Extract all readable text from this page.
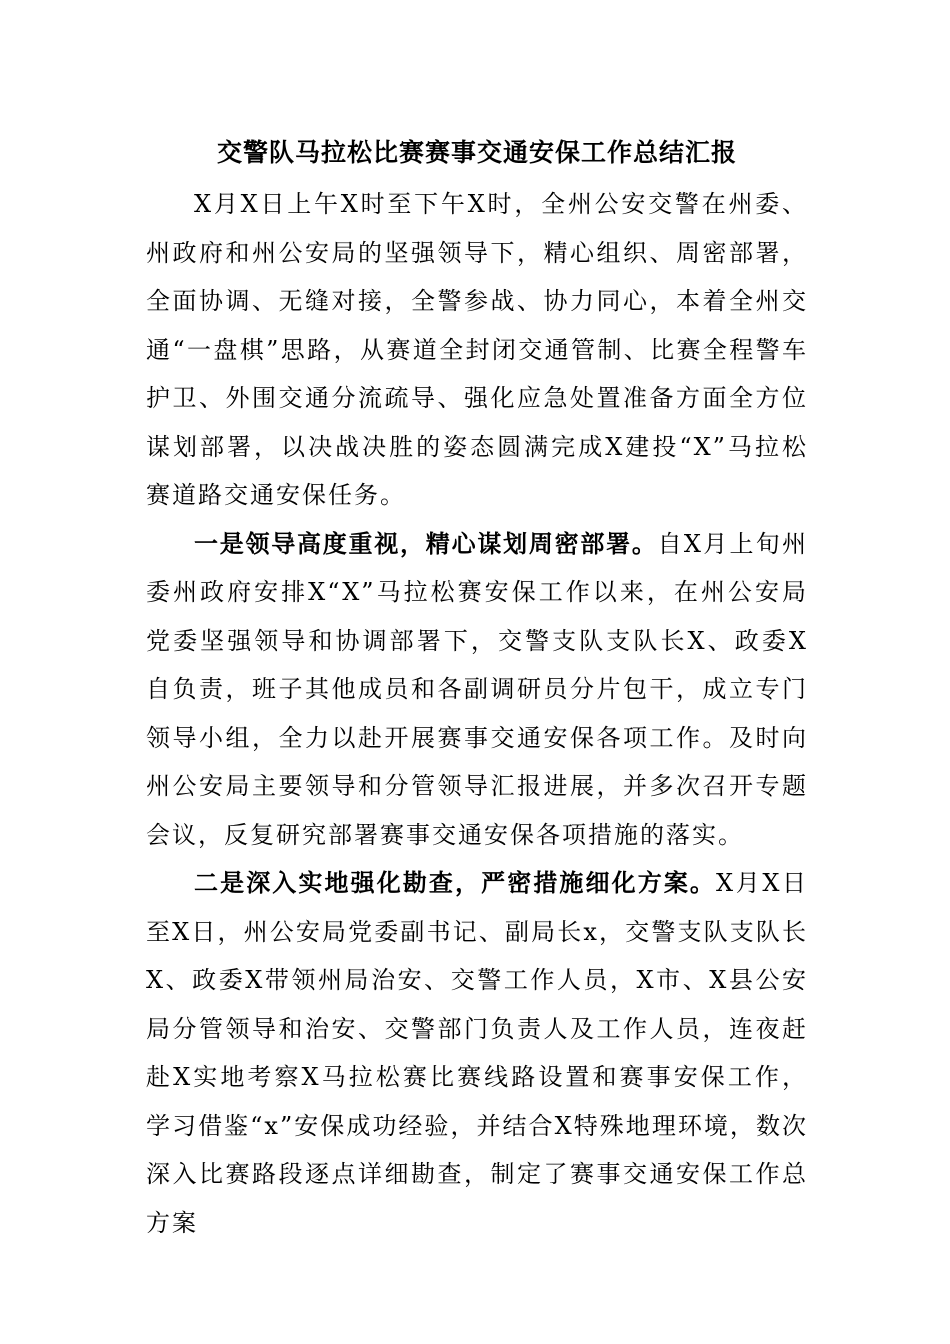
交警队马拉松比赛赛事交通安保工作总结汇报

X月X日上午X时至下午X时，全州公安交警在州委、州政府和州公安局的坚强领导下，精心组织、周密部署，全面协调、无缝对接，全警参战、协力同心，本着全州交通“一盘棋”思路，从赛道全封闭交通管制、比赛全程警车护卫、外围交通分流疏导、强化应急处置准备方面全方位谋划部署，以决战决胜的姿态圆满完成X建投“X”马拉松赛道路交通安保任务。

一是领导高度重视，精心谋划周密部署。自X月上旬州委州政府安排X“X”马拉松赛安保工作以来，在州公安局党委坚强领导和协调部署下，交警支队支队长X、政委X自负责，班子其他成员和各副调研员分片包干，成立专门领导小组，全力以赴开展赛事交通安保各项工作。及时向州公安局主要领导和分管领导汇报进展，并多次召开专题会议，反复研究部署赛事交通安保各项措施的落实。

二是深入实地强化勘查，严密措施细化方案。X月X日至X日，州公安局党委副书记、副局长x，交警支队支队长X、政委X带领州局治安、交警工作人员，X市、X县公安局分管领导和治安、交警部门负责人及工作人员，连夜赶赴X实地考察X马拉松赛比赛线路设置和赛事安保工作，学习借鉴“x”安保成功经验，并结合X特殊地理环境，数次深入比赛路段逐点详细勘查，制定了赛事交通安保工作总方案
